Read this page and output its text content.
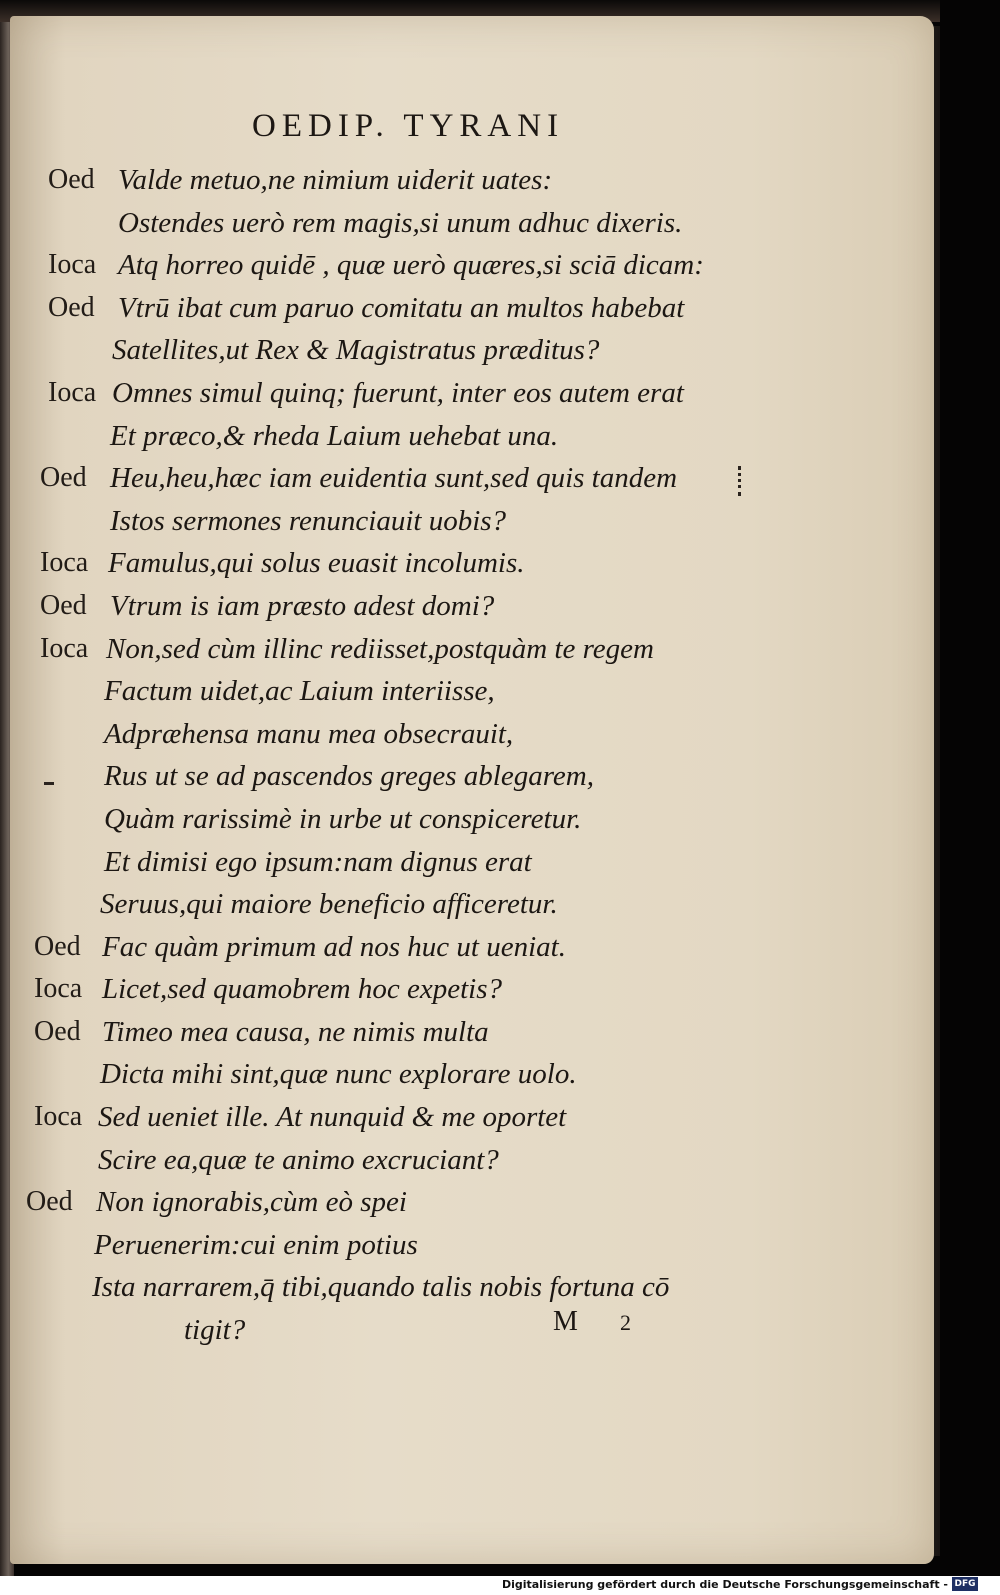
OEDIP. TYRANI
Oed Valde metuo,ne nimium uiderit uates:
Ostendes uerò rem magis,si unum adhuc dixeris.
Ioca Atq horreo quidē , quæ uerò quæres,si sciā dicam:
Oed Vtrū ibat cum paruo comitatu an multos habebat
Satellites,ut Rex & Magistratus præditus?
Ioca Omnes simul quinq; fuerunt, inter eos autem erat
Et præco,& rheda Laium uehebat una.
Oed Heu,heu,hæc iam euidentia sunt,sed quis tandem
Istos sermones renunciauit uobis?
Ioca Famulus,qui solus euasit incolumis.
Oed Vtrum is iam præsto adest domi?
Ioca Non,sed cùm illinc rediisset,postquàm te regem
Factum uidet,ac Laium interiisse,
Adpræhensa manu mea obsecrauit,
Rus ut se ad pascendos greges ablegarem,
Quàm rarissimè in urbe ut conspiceretur.
Et dimisi ego ipsum:nam dignus erat
Seruus,qui maiore beneficio afficeretur.
Oed Fac quàm primum ad nos huc ut ueniat.
Ioca Licet,sed quamobrem hoc expetis?
Oed Timeo mea causa, ne nimis multa
Dicta mihi sint,quæ nunc explorare uolo.
Ioca Sed ueniet ille. At nunquid & me oportet
Scire ea,quæ te animo excruciant?
Oed Non ignorabis,cùm eò spei
Peruenerim:cui enim potius
Ista narrarem,q̄ tibi,quando talis nobis fortuna cō
tigit?	M 2
Digitalisierung gefördert durch die Deutsche Forschungsgemeinschaft - DFG
